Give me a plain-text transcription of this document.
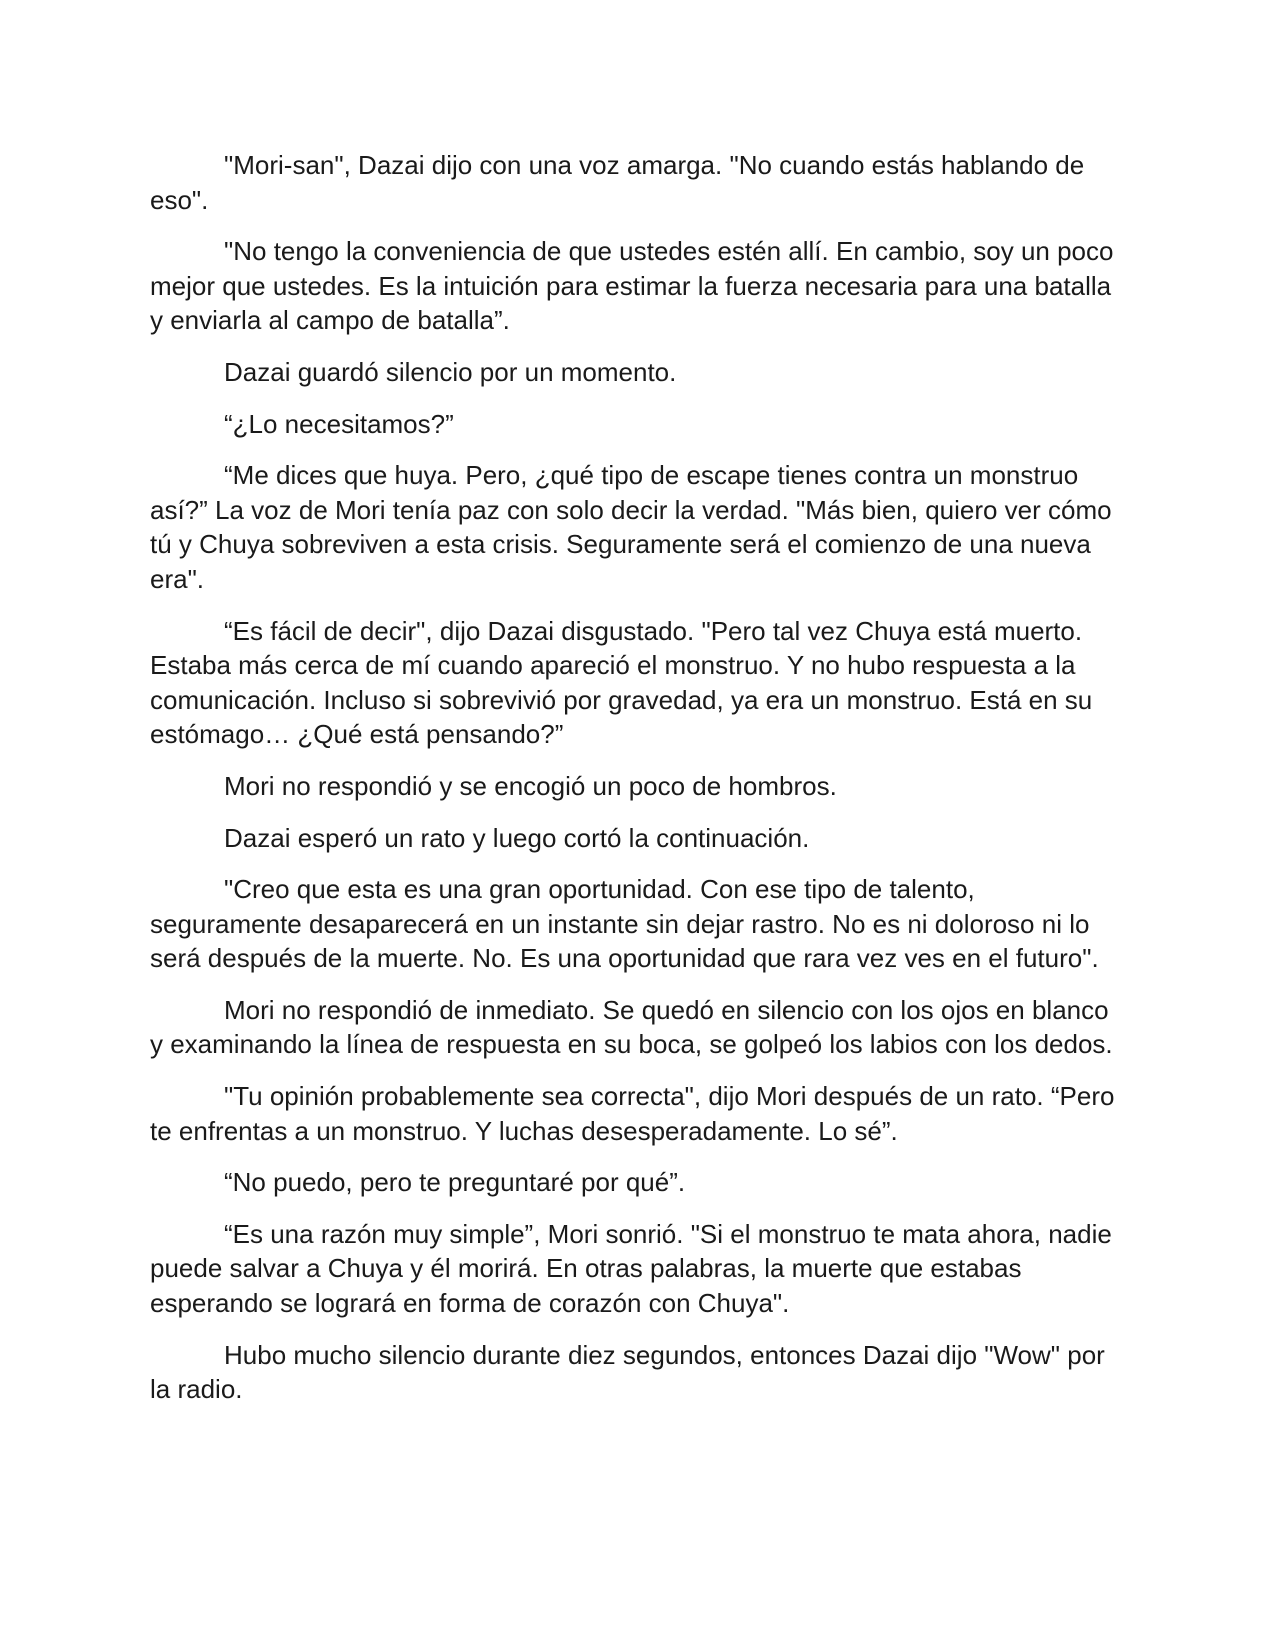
"Mori-san", Dazai dijo con una voz amarga. "No cuando estás hablando de eso".

"No tengo la conveniencia de que ustedes estén allí. En cambio, soy un poco mejor que ustedes. Es la intuición para estimar la fuerza necesaria para una batalla y enviarla al campo de batalla”.

Dazai guardó silencio por un momento.

“¿Lo necesitamos?”

“Me dices que huya. Pero, ¿qué tipo de escape tienes contra un monstruo así?” La voz de Mori tenía paz con solo decir la verdad. "Más bien, quiero ver cómo tú y Chuya sobreviven a esta crisis. Seguramente será el comienzo de una nueva era".

“Es fácil de decir", dijo Dazai disgustado. "Pero tal vez Chuya está muerto. Estaba más cerca de mí cuando apareció el monstruo. Y no hubo respuesta a la comunicación. Incluso si sobrevivió por gravedad, ya era un monstruo. Está en su estómago… ¿Qué está pensando?”

Mori no respondió y se encogió un poco de hombros.

Dazai esperó un rato y luego cortó la continuación.

"Creo que esta es una gran oportunidad. Con ese tipo de talento, seguramente desaparecerá en un instante sin dejar rastro. No es ni doloroso ni lo será después de la muerte. No. Es una oportunidad que rara vez ves en el futuro".

Mori no respondió de inmediato. Se quedó en silencio con los ojos en blanco y examinando la línea de respuesta en su boca, se golpeó los labios con los dedos.

"Tu opinión probablemente sea correcta", dijo Mori después de un rato. “Pero te enfrentas a un monstruo. Y luchas desesperadamente. Lo sé”.

“No puedo, pero te preguntaré por qué”.

“Es una razón muy simple”, Mori sonrió. "Si el monstruo te mata ahora, nadie puede salvar a Chuya y él morirá. En otras palabras, la muerte que estabas esperando se logrará en forma de corazón con Chuya".

Hubo mucho silencio durante diez segundos, entonces Dazai dijo "Wow" por la radio.
